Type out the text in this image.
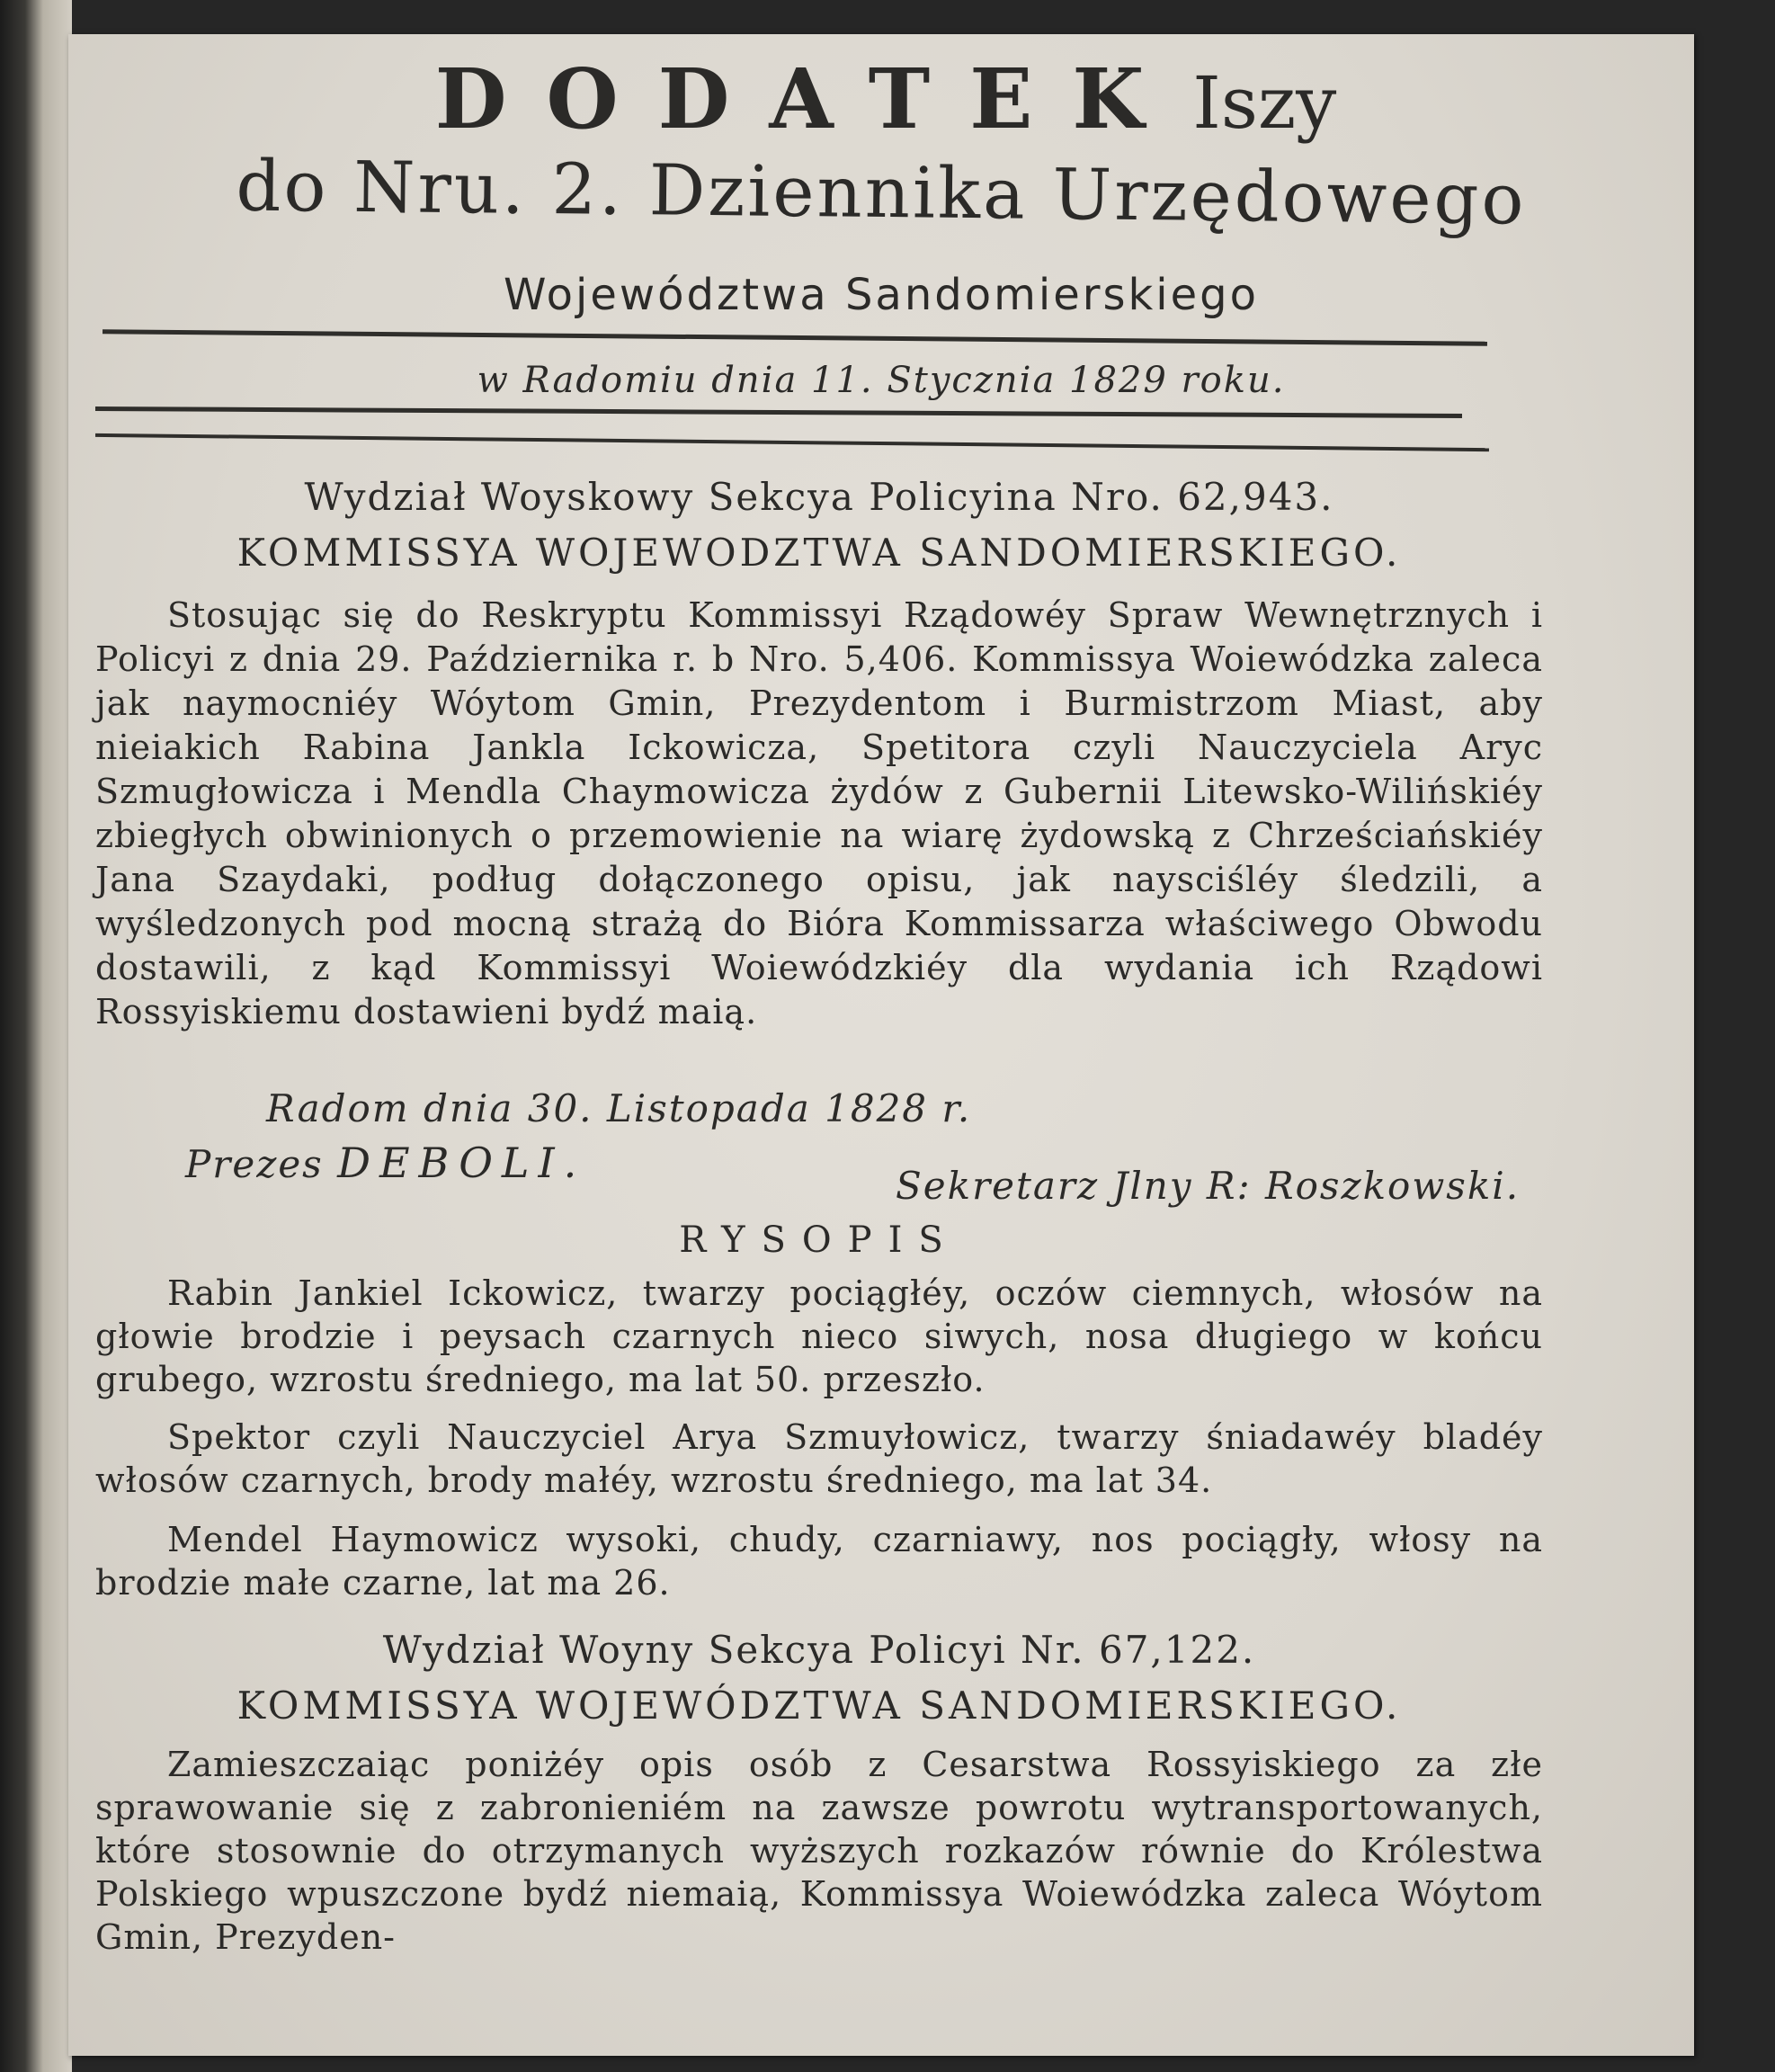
DODATEK Iszy
do Nru. 2. Dziennika Urzędowego
Województwa Sandomierskiego
w Radomiu dnia 11. Stycznia 1829 roku.
Wydział Woyskowy Sekcya Policyina Nro. 62,943.
KOMMISSYA WOJEWODZTWA SANDOMIERSKIEGO.

Stosując się do Reskryptu Kommissyi Rządowéy Spraw Wewnętrznych i Policyi z dnia 29. Października r. b Nro. 5,406. Kommissya Woiewódzka zaleca jak naymocniéy Wóytom Gmin, Prezydentom i Burmistrzom Miast, aby nieiakich Rabina Jankla Ickowicza, Spetitora czyli Nauczyciela Aryc Szmugłowicza i Mendla Chaymowicza żydów z Gubernii Litewsko-Wilińskiéy zbiegłych obwinionych o przemowienie na wiarę żydowską z Chrześciańskiéy Jana Szaydaki, podług dołączonego opisu, jak naysciśléy śledzili, a wyśledzonych pod mocną strażą do Bióra Kommissarza właściwego Obwodu dostawili, z kąd Kommissyi Woiewódzkiéy dla wydania ich Rządowi Rossyiskiemu dostawieni bydź maią.

Radom dnia 30. Listopada 1828 r.
Prezes DEBOLI.	Sekretarz Jlny R: Roszkowski.
RYSOPIS

Rabin Jankiel Ickowicz, twarzy pociągłéy, oczów ciemnych, włosów na głowie brodzie i peysach czarnych nieco siwych, nosa długiego w końcu grubego, wzrostu średniego, ma lat 50. przeszło.

Spektor czyli Nauczyciel Arya Szmuyłowicz, twarzy śniadawéy bladéy włosów czarnych, brody małéy, wzrostu średniego, ma lat 34.

Mendel Haymowicz wysoki, chudy, czarniawy, nos pociągły, włosy na brodzie małe czarne, lat ma 26.

Wydział Woyny Sekcya Policyi Nr. 67,122.
KOMMISSYA WOJEWÓDZTWA SANDOMIERSKIEGO.

Zamieszczaiąc poniżéy opis osób z Cesarstwa Rossyiskiego za złe sprawowanie się z zabronieniém na zawsze powrotu wytransportowanych, które stosownie do otrzymanych wyższych rozkazów równie do Królestwa Polskiego wpuszczone bydź niemaią, Kommissya Woiewódzka zaleca Wóytom Gmin, Prezyden-
